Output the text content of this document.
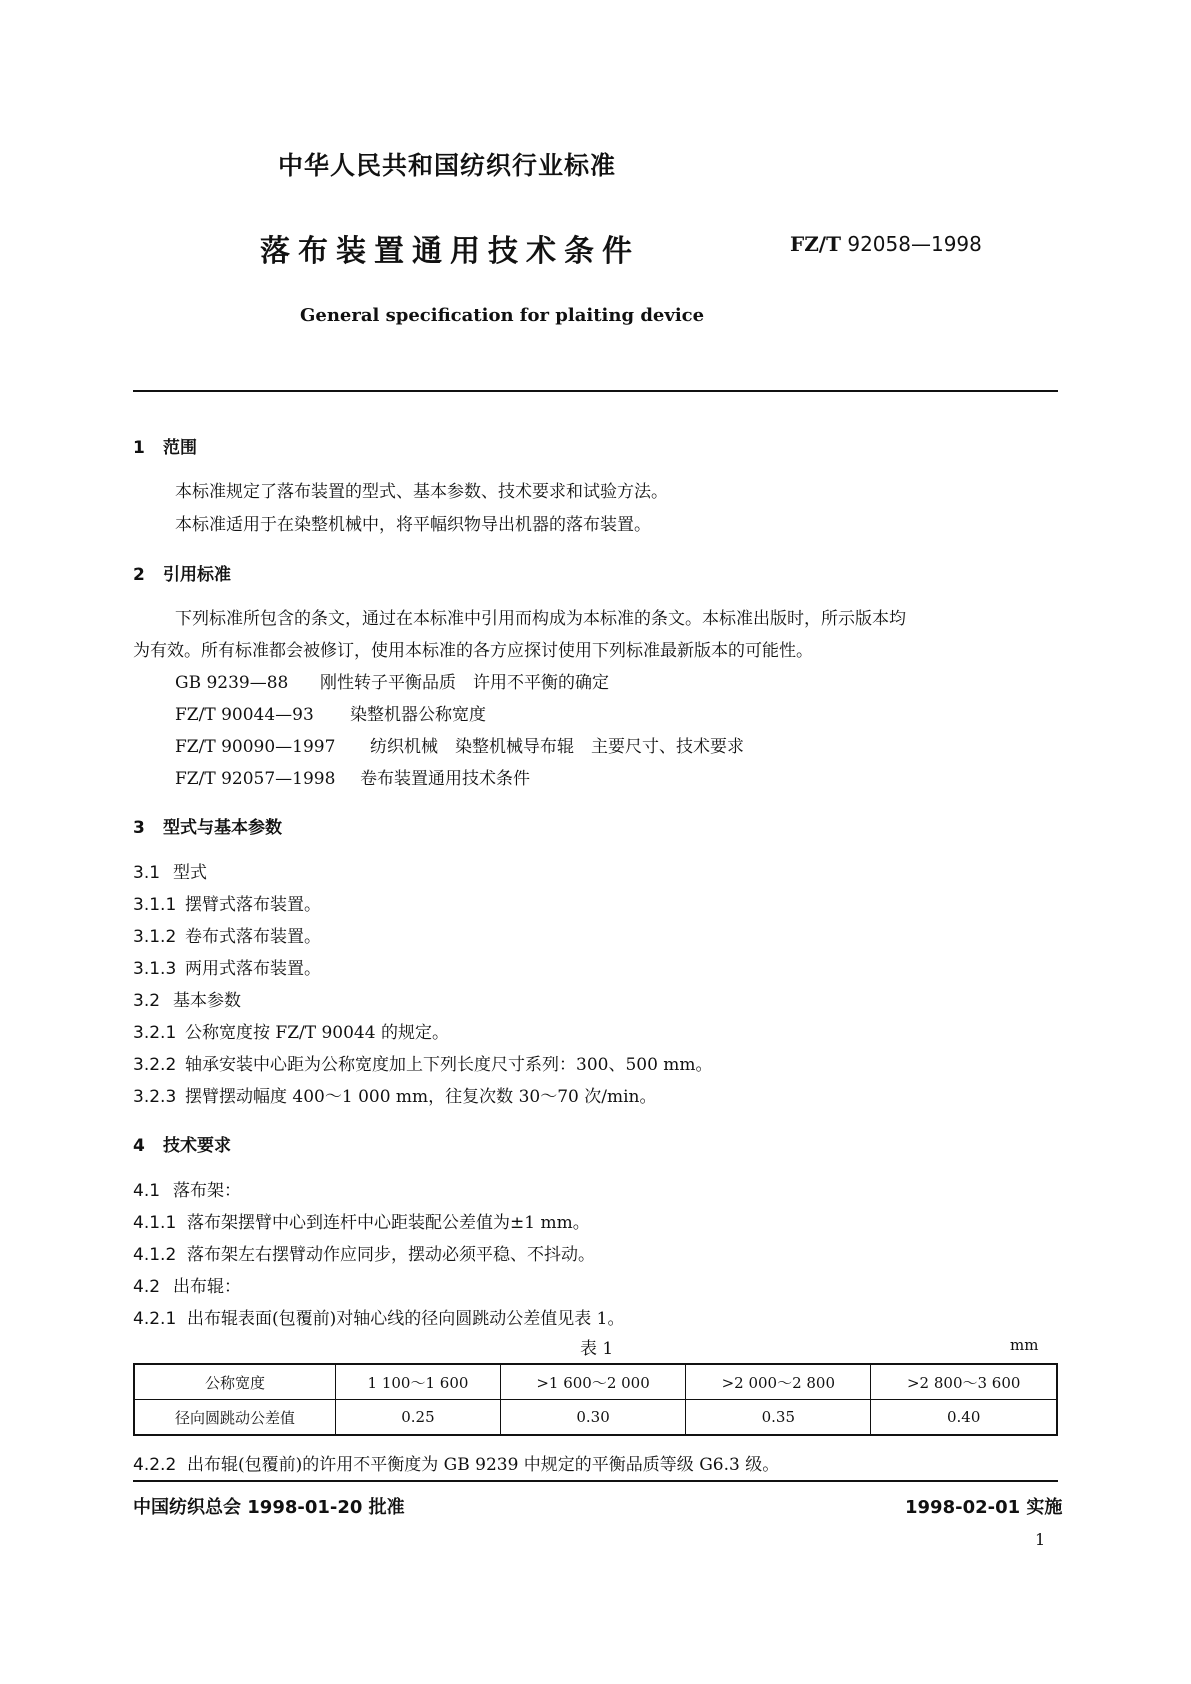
中华人民共和国纺织行业标准
落布装置通用技术条件	FZ/T 92058—1998
General specification for plaiting device
1 范围
本标准规定了落布装置的型式、基本参数、技术要求和试验方法。
本标准适用于在染整机械中，将平幅织物导出机器的落布装置。
2 引用标准
下列标准所包含的条文，通过在本标准中引用而构成为本标准的条文。本标准出版时，所示版本均
为有效。所有标准都会被修订，使用本标准的各方应探讨使用下列标准最新版本的可能性。
GB 9239—88 刚性转子平衡品质　许用不平衡的确定
FZ/T 90044—93 染整机器公称宽度
FZ/T 90090—1997 纺织机械　染整机械导布辊　主要尺寸、技术要求
FZ/T 92057—1998 卷布装置通用技术条件
3 型式与基本参数
3.1 型式
3.1.1 摆臂式落布装置。
3.1.2 卷布式落布装置。
3.1.3 两用式落布装置。
3.2 基本参数
3.2.1 公称宽度按 FZ/T 90044 的规定。
3.2.2 轴承安装中心距为公称宽度加上下列长度尺寸系列：300、500 mm。
3.2.3 摆臂摆动幅度 400～1 000 mm，往复次数 30～70 次/min。
4 技术要求
4.1 落布架：
4.1.1 落布架摆臂中心到连杆中心距装配公差值为±1 mm。
4.1.2 落布架左右摆臂动作应同步，摆动必须平稳、不抖动。
4.2 出布辊：
4.2.1 出布辊表面(包覆前)对轴心线的径向圆跳动公差值见表 1。
表 1	mm
公称宽度	1 100～1 600	>1 600～2 000	>2 000～2 800	>2 800～3 600
径向圆跳动公差值	0.25	0.30	0.35	0.40
4.2.2 出布辊(包覆前)的许用不平衡度为 GB 9239 中规定的平衡品质等级 G6.3 级。
中国纺织总会 1998-01-20 批准	1998-02-01 实施
1
